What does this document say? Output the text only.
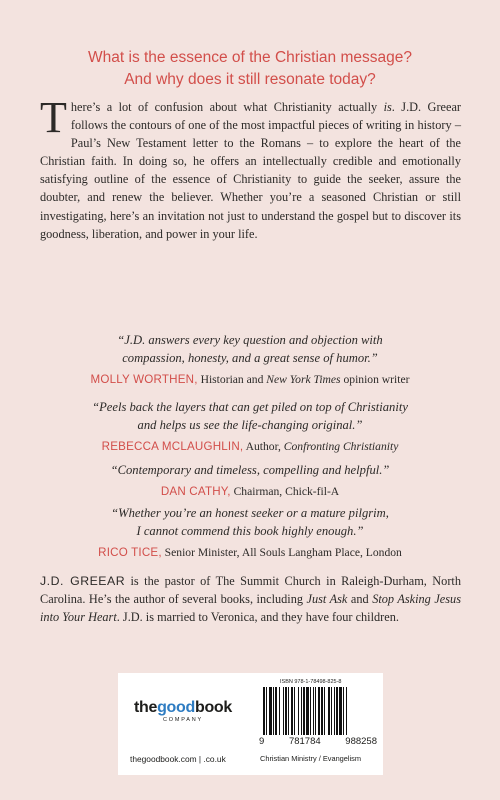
What is the essence of the Christian message?
And why does it still resonate today?

There’s a lot of confusion about what Christianity actually is. J.D. Greear follows the contours of one of the most impactful pieces of writing in history – Paul’s New Testament letter to the Romans – to explore the heart of the Christian faith. In doing so, he offers an intellectually credible and emotionally satisfying outline of the essence of Christianity to guide the seeker, assure the doubter, and renew the believer. Whether you’re a seasoned Christian or still investigating, here’s an invitation not just to understand the gospel but to discover its goodness, liberation, and power in your life.

“J.D. answers every key question and objection with
compassion, honesty, and a great sense of humor.”
MOLLY WORTHEN, Historian and New York Times opinion writer
“Peels back the layers that can get piled on top of Christianity
and helps us see the life-changing original.”
REBECCA MCLAUGHLIN, Author, Confronting Christianity
“Contemporary and timeless, compelling and helpful.”
DAN CATHY, Chairman, Chick-fil-A
“Whether you’re an honest seeker or a mature pilgrim,
I cannot commend this book highly enough.”
RICO TICE, Senior Minister, All Souls Langham Place, London

J.D. GREEAR is the pastor of The Summit Church in Raleigh-Durham, North Carolina. He’s the author of several books, including Just Ask and Stop Asking Jesus into Your Heart. J.D. is married to Veronica, and they have four children.

thegoodbook
COMPANY
thegoodbook.com | .co.uk
ISBN 978-1-78498-825-8
9	781784	988258
Christian Ministry / Evangelism
